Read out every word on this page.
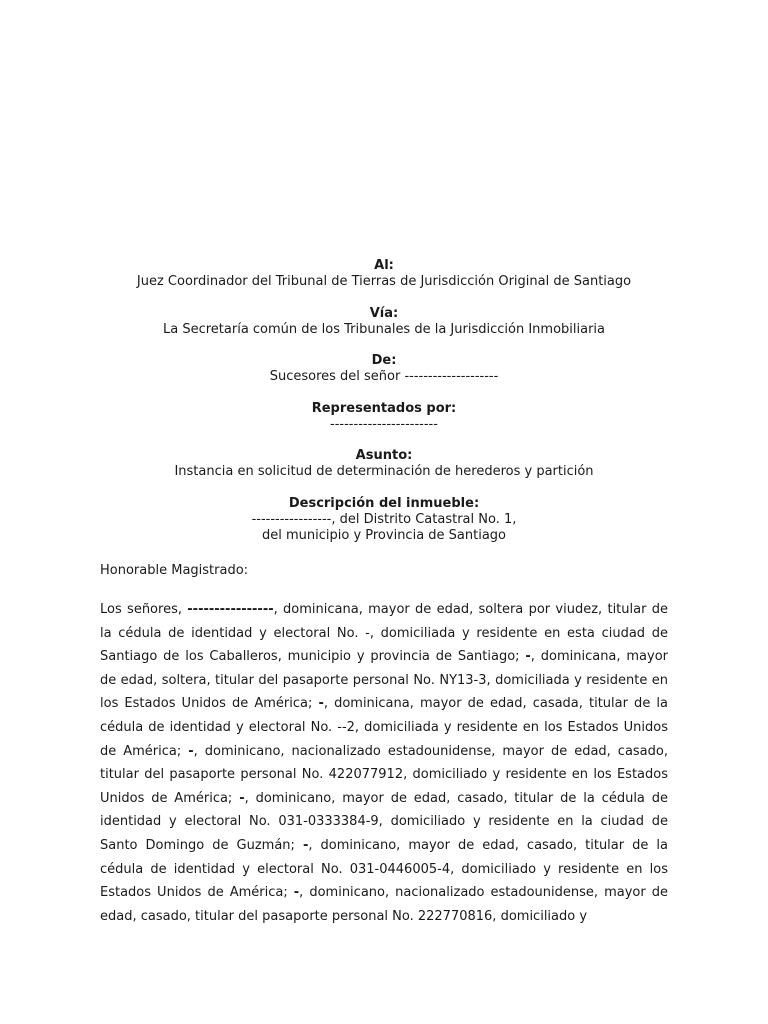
Al:
Juez Coordinador del Tribunal de Tierras de Jurisdicción Original de Santiago
Vía:
La Secretaría común de los Tribunales de la Jurisdicción Inmobiliaria
De:
Sucesores del señor --------------------
Representados por:
-----------------------
Asunto:
Instancia en solicitud de determinación de herederos y partición
Descripción del inmueble:
-----------------, del Distrito Catastral No. 1,
del municipio y Provincia de Santiago
Honorable Magistrado:
Los señores, ----------------, dominicana, mayor de edad, soltera por viudez, titular de la cédula de identidad y electoral No. -, domiciliada y residente en esta ciudad de Santiago de los Caballeros, municipio y provincia de Santiago; -, dominicana, mayor de edad, soltera, titular del pasaporte personal No. NY13-3, domiciliada y residente en los Estados Unidos de América; -, dominicana, mayor de edad, casada, titular de la cédula de identidad y electoral No. --2, domiciliada y residente en los Estados Unidos de América; -, dominicano, nacionalizado estadounidense, mayor de edad, casado, titular del pasaporte personal No. 422077912, domiciliado y residente en los Estados Unidos de América; -, dominicano, mayor de edad, casado, titular de la cédula de identidad y electoral No. 031-0333384-9, domiciliado y residente en la ciudad de Santo Domingo de Guzmán; -, dominicano, mayor de edad, casado, titular de la cédula de identidad y electoral No. 031-0446005-4, domiciliado y residente en los Estados Unidos de América; -, dominicano, nacionalizado estadounidense, mayor de edad, casado, titular del pasaporte personal No. 222770816, domiciliado y
